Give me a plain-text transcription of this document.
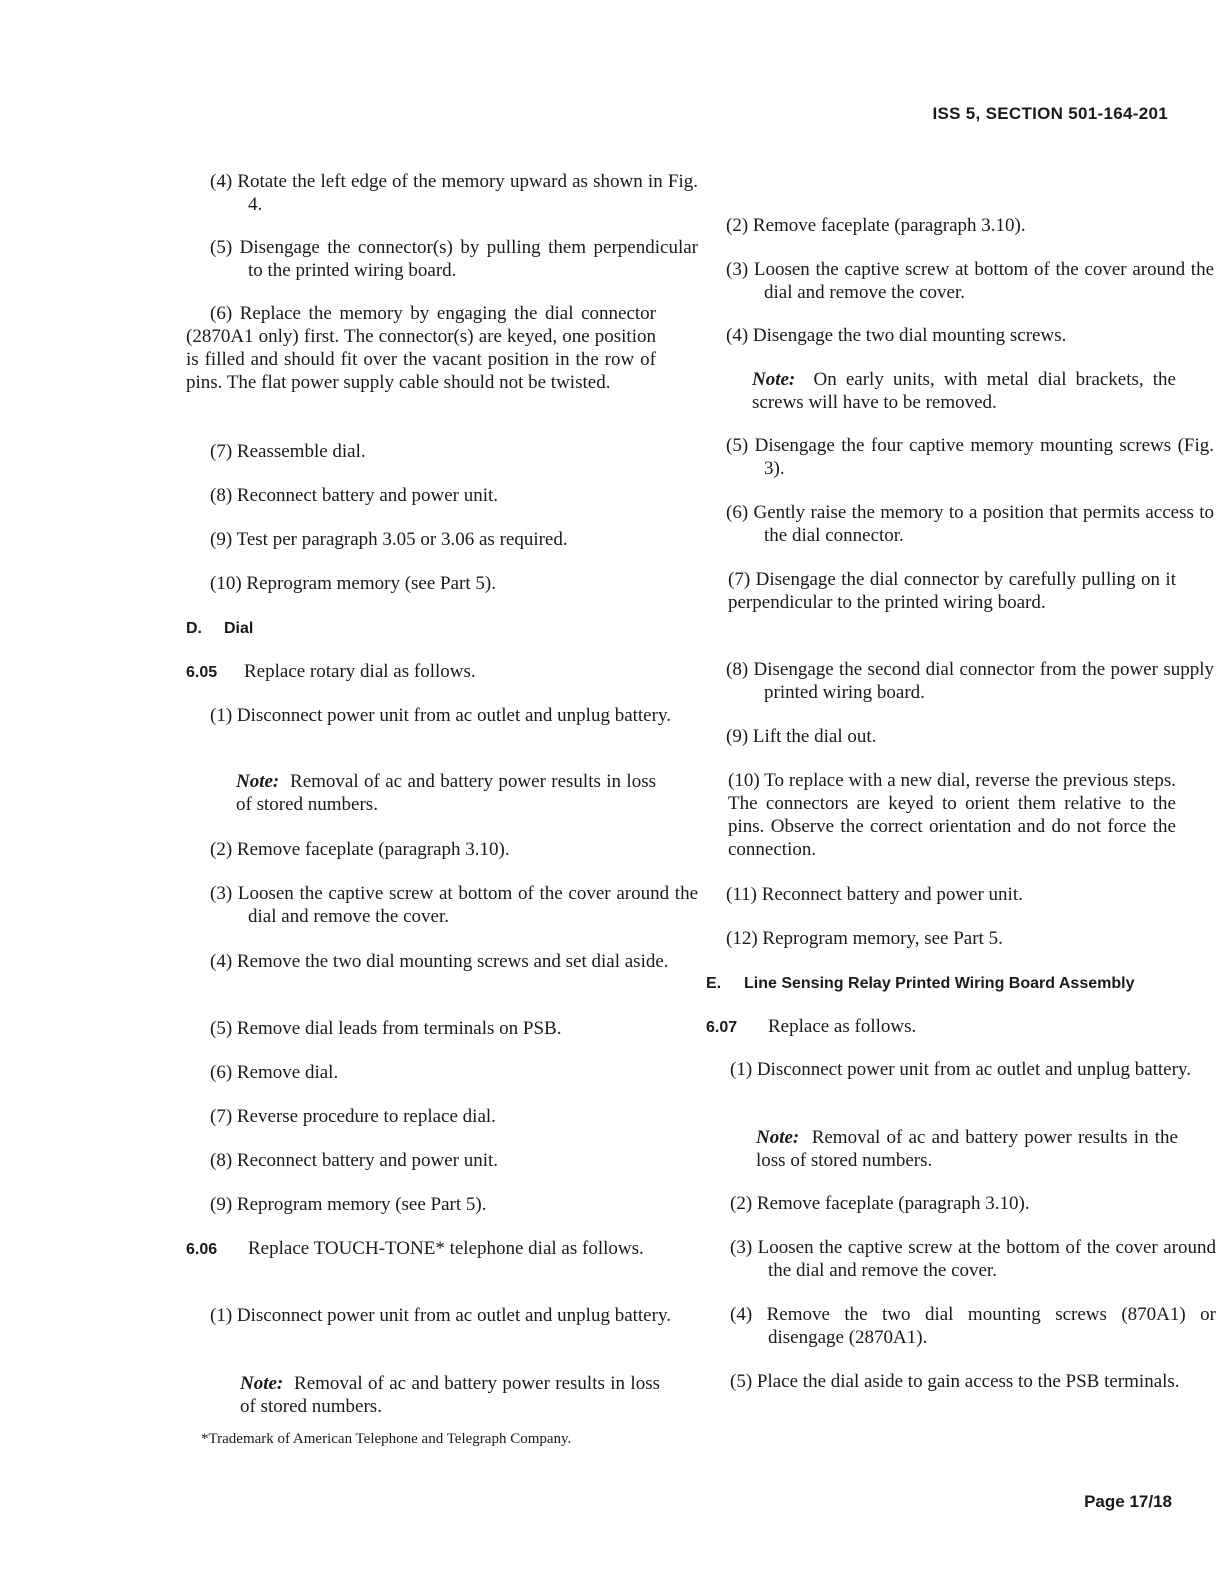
ISS 5, SECTION 501-164-201
(4) Rotate the left edge of the memory upward as shown in Fig. 4.
(5) Disengage the connector(s) by pulling them perpendicular to the printed wiring board.
(6) Replace the memory by engaging the dial connector (2870A1 only) first. The connector(s) are keyed, one position is filled and should fit over the vacant position in the row of pins. The flat power supply cable should not be twisted.
(7) Reassemble dial.
(8) Reconnect battery and power unit.
(9) Test per paragraph 3.05 or 3.06 as required.
(10) Reprogram memory (see Part 5).
D. Dial
6.05 Replace rotary dial as follows.
(1) Disconnect power unit from ac outlet and unplug battery.
Note: Removal of ac and battery power results in loss of stored numbers.
(2) Remove faceplate (paragraph 3.10).
(3) Loosen the captive screw at bottom of the cover around the dial and remove the cover.
(4) Remove the two dial mounting screws and set dial aside.
(5) Remove dial leads from terminals on PSB.
(6) Remove dial.
(7) Reverse procedure to replace dial.
(8) Reconnect battery and power unit.
(9) Reprogram memory (see Part 5).
6.06 Replace TOUCH-TONE* telephone dial as follows.
(1) Disconnect power unit from ac outlet and unplug battery.
Note: Removal of ac and battery power results in loss of stored numbers.
*Trademark of American Telephone and Telegraph Company.
(2) Remove faceplate (paragraph 3.10).
(3) Loosen the captive screw at bottom of the cover around the dial and remove the cover.
(4) Disengage the two dial mounting screws.
Note: On early units, with metal dial brackets, the screws will have to be removed.
(5) Disengage the four captive memory mounting screws (Fig. 3).
(6) Gently raise the memory to a position that permits access to the dial connector.
(7) Disengage the dial connector by carefully pulling on it perpendicular to the printed wiring board.
(8) Disengage the second dial connector from the power supply printed wiring board.
(9) Lift the dial out.
(10) To replace with a new dial, reverse the previous steps. The connectors are keyed to orient them relative to the pins. Observe the correct orientation and do not force the connection.
(11) Reconnect battery and power unit.
(12) Reprogram memory, see Part 5.
E. Line Sensing Relay Printed Wiring Board Assembly
6.07 Replace as follows.
(1) Disconnect power unit from ac outlet and unplug battery.
Note: Removal of ac and battery power results in the loss of stored numbers.
(2) Remove faceplate (paragraph 3.10).
(3) Loosen the captive screw at the bottom of the cover around the dial and remove the cover.
(4) Remove the two dial mounting screws (870A1) or disengage (2870A1).
(5) Place the dial aside to gain access to the PSB terminals.
Page 17/18
